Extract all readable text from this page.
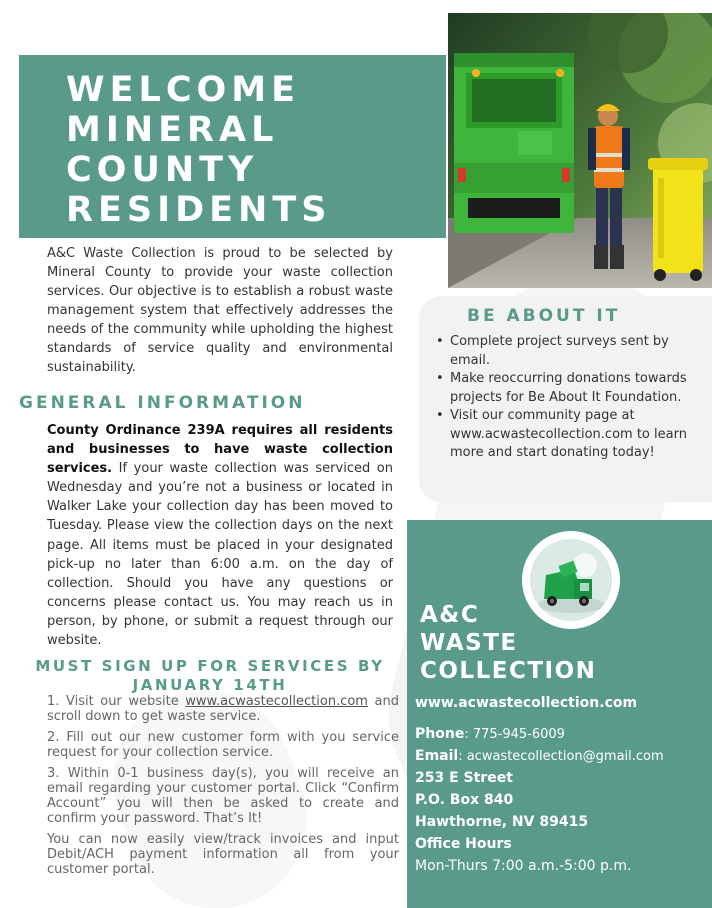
WELCOME
MINERAL
COUNTY
RESIDENTS

A&C Waste Collection is proud to be selected by Mineral County to provide your waste collection services. Our objective is to establish a robust waste management system that effectively addresses the needs of the community while upholding the highest standards of service quality and environmental sustainability.

GENERAL INFORMATION

County Ordinance 239A requires all residents and businesses to have waste collection services. If your waste collection was serviced on Wednesday and you’re not a business or located in Walker Lake your collection day has been moved to Tuesday. Please view the collection days on the next page. All items must be placed in your designated pick-up no later than 6:00 a.m. on the day of collection. Should you have any questions or concerns please contact us. You may reach us in person, by phone, or submit a request through our website.

MUST SIGN UP FOR SERVICES BY JANUARY 14TH

1. Visit our website www.acwastecollection.com and scroll down to get waste service.

2. Fill out our new customer form with you service request for your collection service.

3. Within 0-1 business day(s), you will receive an email regarding your customer portal. Click “Confirm Account” you will then be asked to create and confirm your password. That’s It!

You can now easily view/track invoices and input Debit/ACH payment information all from your customer portal.

BE ABOUT IT
• Complete project surveys sent by email.
• Make reoccurring donations towards projects for Be About It Foundation.
• Visit our community page at www.acwastecollection.com to learn more and start donating today!
A&C
WASTE
COLLECTION
www.acwastecollection.com
Phone: 775-945-6009
Email: acwastecollection@gmail.com
253 E Street
P.O. Box 840
Hawthorne, NV 89415
Office Hours
Mon-Thurs 7:00 a.m.-5:00 p.m.
